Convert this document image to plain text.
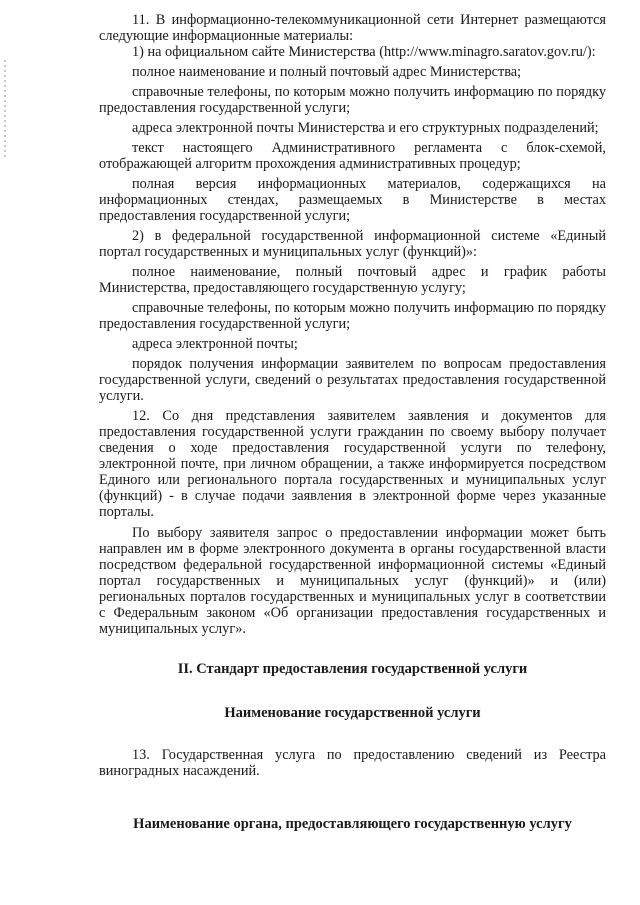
11. В информационно-телекоммуникационной сети Интернет размещаются следующие информационные материалы:

1) на официальном сайте Министерства (http://www.minagro.saratov.gov.ru/):

полное наименование и полный почтовый адрес Министерства;

справочные телефоны, по которым можно получить информацию по порядку предоставления государственной услуги;

адреса электронной почты Министерства и его структурных подразделений;

текст настоящего Административного регламента с блок-схемой, отображающей алгоритм прохождения административных процедур;

полная версия информационных материалов, содержащихся на информационных стендах, размещаемых в Министерстве в местах предоставления государственной услуги;

2) в федеральной государственной информационной системе «Единый портал государственных и муниципальных услуг (функций)»:

полное наименование, полный почтовый адрес и график работы Министерства, предоставляющего государственную услугу;

справочные телефоны, по которым можно получить информацию по порядку предоставления государственной услуги;

адреса электронной почты;

порядок получения информации заявителем по вопросам предоставления государственной услуги, сведений о результатах предоставления государственной услуги.

12. Со дня представления заявителем заявления и документов для предоставления государственной услуги гражданин по своему выбору получает сведения о ходе предоставления государственной услуги по телефону, электронной почте, при личном обращении, а также информируется посредством Единого или регионального портала государственных и муниципальных услуг (функций) - в случае подачи заявления в электронной форме через указанные порталы.

По выбору заявителя запрос о предоставлении информации может быть направлен им в форме электронного документа в органы государственной власти посредством федеральной государственной информационной системы «Единый портал государственных и муниципальных услуг (функций)» и (или) региональных порталов государственных и муниципальных услуг в соответствии с Федеральным законом «Об организации предоставления государственных и муниципальных услуг».

II. Стандарт предоставления государственной услуги
Наименование государственной услуги

13. Государственная услуга по предоставлению сведений из Реестра виноградных насаждений.

Наименование органа, предоставляющего государственную услугу
